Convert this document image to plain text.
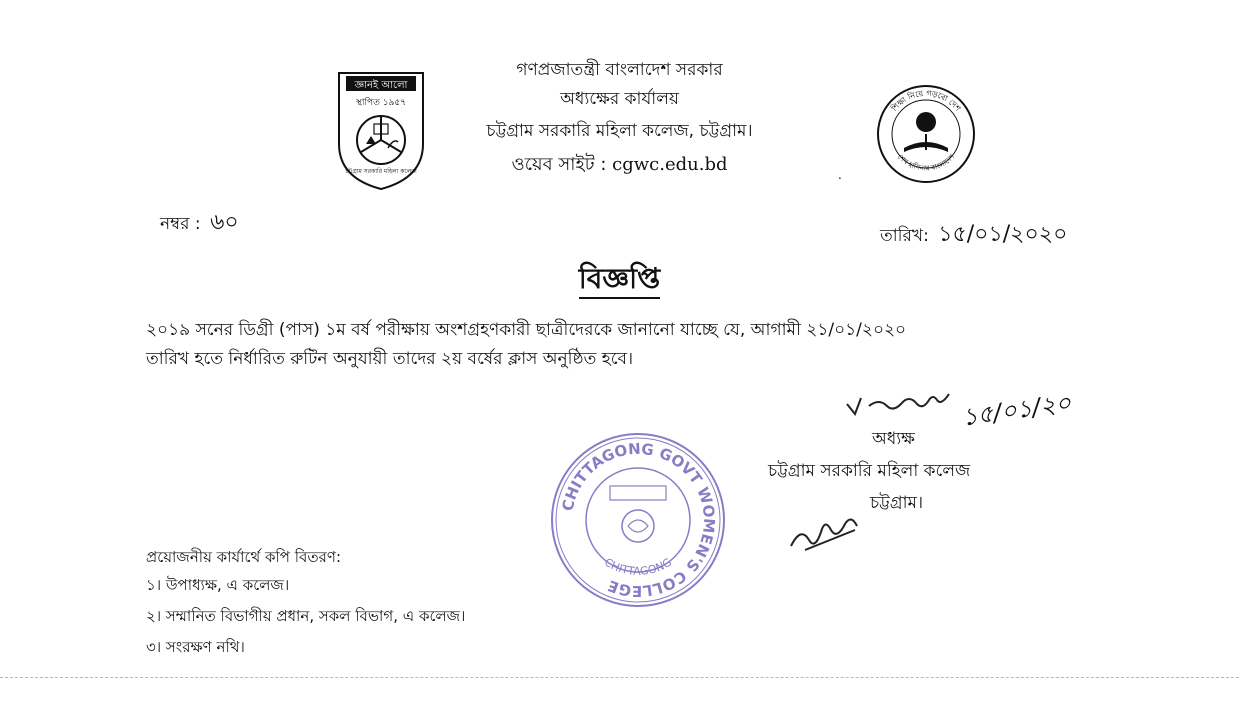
গণপ্রজাতন্ত্রী বাংলাদেশ সরকার
অধ্যক্ষের কার্যালয়
চট্টগ্রাম সরকারি মহিলা কলেজ, চট্টগ্রাম।
ওয়েব সাইট : cgwc.edu.bd
জ্ঞানই আলো
স্থাপিত ১৯৫৭
চট্টগ্রাম সরকারি মহিলা কলেজ
শিক্ষা নিয়ে গড়বো দেশ
শেখ হাসিনার বাংলাদেশ
.
নম্বর : ৬০
তারিখ: ১৫/০১/২০২০
বিজ্ঞপ্তি
২০১৯ সনের ডিগ্রী (পাস) ১ম বর্ষ পরীক্ষায় অংশগ্রহণকারী ছাত্রীদেরকে জানানো যাচ্ছে যে, আগামী ২১/০১/২০২০
তারিখ হতে নির্ধারিত রুটিন অনুযায়ী তাদের ২য় বর্ষের ক্লাস অনুষ্ঠিত হবে।
১৫/০১/২০
অধ্যক্ষ
চট্টগ্রাম সরকারি মহিলা কলেজ
চট্টগ্রাম।
CHITTAGONG GOVT WOMEN'S COLLEGE
CHITTAGONG
প্রয়োজনীয় কার্যার্থে কপি বিতরণ:
১। উপাধ্যক্ষ, এ কলেজ।
২। সম্মানিত বিভাগীয় প্রধান, সকল বিভাগ, এ কলেজ।
৩। সংরক্ষণ নথি।
